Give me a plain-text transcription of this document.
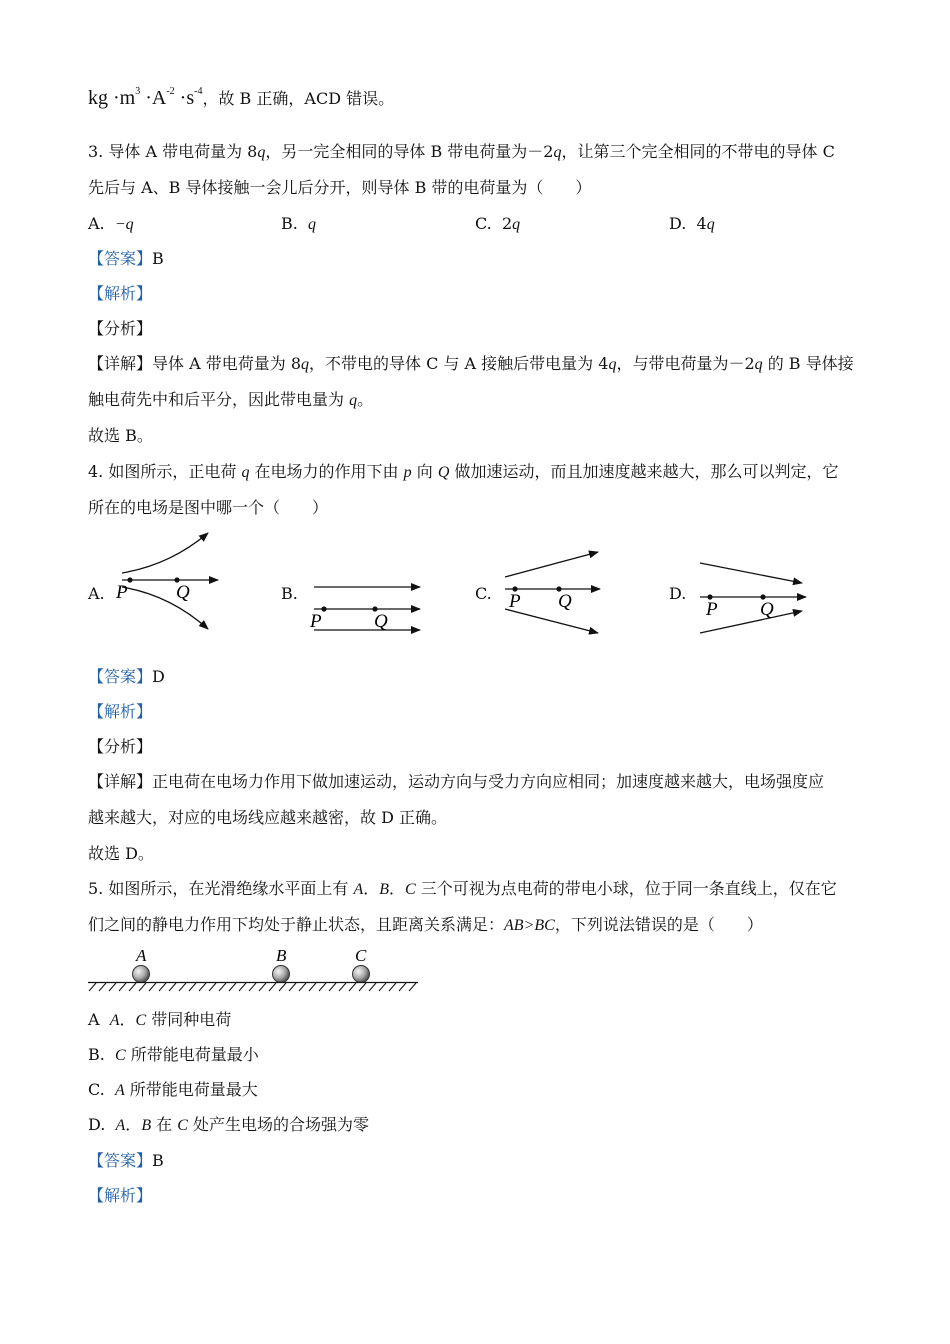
kg $\cdot m^3 \cdot A^{-2} \cdot s^{-4}$，故 B 正确，ACD 错误。
3. 导体 A 带电荷量为 8q，另一完全相同的导体 B 带电荷量为－2q，让第三个完全相同的不带电的导体 C
先后与 A、B 导体接触一会儿后分开，则导体 B 带的电荷量为（　　）
A. −q	B. q	C. 2q	D. 4q
【答案】B
【解析】
【分析】
【详解】导体 A 带电荷量为 8q，不带电的导体 C 与 A 接触后带电量为 4q，与带电荷量为－2q 的 B 导体接
触电荷先中和后平分，因此带电量为 q。
故选 B。
4. 如图所示，正电荷 q 在电场力的作用下由 p 向 Q 做加速运动，而且加速度越来越大，那么可以判定，它
所在的电场是图中哪一个（　　）
A.	B.	C.	D.
P	Q
P	Q
P Q	P Q
【答案】D
【解析】
【分析】
【详解】正电荷在电场力作用下做加速运动，运动方向与受力方向应相同；加速度越来越大，电场强度应
越来越大，对应的电场线应越来越密，故 D 正确。
故选 D。
5. 如图所示，在光滑绝缘水平面上有 A．B．C 三个可视为点电荷的带电小球，位于同一条直线上，仅在它
们之间的静电力作用下均处于静止状态，且距离关系满足：AB>BC，下列说法错误的是（　　）
A	B	C
A A．C 带同种电荷
B. C 所带能电荷量最小
C. A 所带能电荷量最大
D. A．B 在 C 处产生电场的合场强为零
【答案】B
【解析】
